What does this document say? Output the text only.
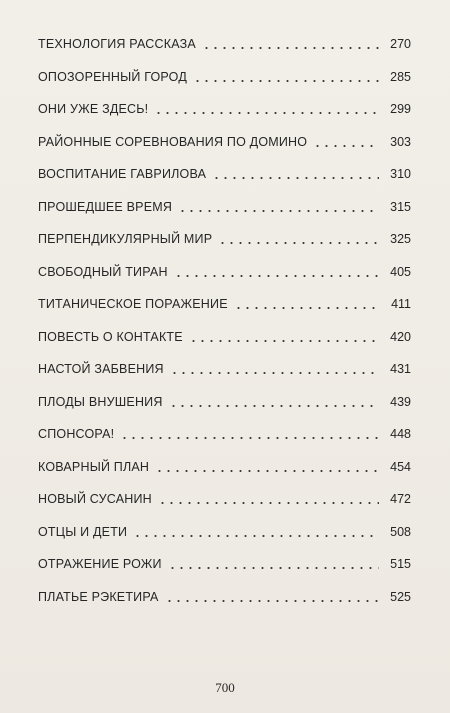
ТЕХНОЛОГИЯ РАССКАЗА	270
ОПОЗОРЕННЫЙ ГОРОД	285
ОНИ УЖЕ ЗДЕСЬ!	299
РАЙОННЫЕ СОРЕВНОВАНИЯ ПО ДОМИНО	303
ВОСПИТАНИЕ ГАВРИЛОВА	310
ПРОШЕДШЕЕ ВРЕМЯ	315
ПЕРПЕНДИКУЛЯРНЫЙ МИР	325
СВОБОДНЫЙ ТИРАН	405
ТИТАНИЧЕСКОЕ ПОРАЖЕНИЕ	411
ПОВЕСТЬ О КОНТАКТЕ	420
НАСТОЙ ЗАБВЕНИЯ	431
ПЛОДЫ ВНУШЕНИЯ	439
СПОНСОРА!	448
КОВАРНЫЙ ПЛАН	454
НОВЫЙ СУСАНИН	472
ОТЦЫ И ДЕТИ	508
ОТРАЖЕНИЕ РОЖИ	515
ПЛАТЬЕ РЭКЕТИРА	525
700
